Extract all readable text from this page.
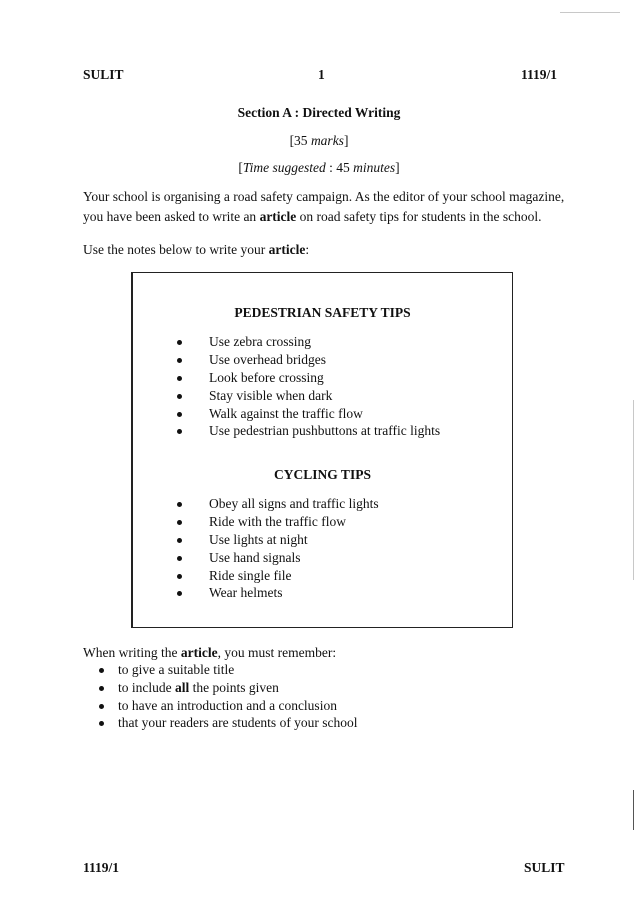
SULIT	1	1119/1
Section A : Directed Writing
[35 marks]
[Time suggested : 45 minutes]
Your school is organising a road safety campaign. As the editor of your school magazine, you have been asked to write an article on road safety tips for students in the school.
Use the notes below to write your article:
PEDESTRIAN SAFETY TIPS
Use zebra crossing
Use overhead bridges
Look before crossing
Stay visible when dark
Walk against the traffic flow
Use pedestrian pushbuttons at traffic lights
CYCLING TIPS
Obey all signs and traffic lights
Ride with the traffic flow
Use lights at night
Use hand signals
Ride single file
Wear helmets
When writing the article, you must remember:
to give a suitable title
to include all the points given
to have an introduction and a conclusion
that your readers are students of your school
1119/1	SULIT
